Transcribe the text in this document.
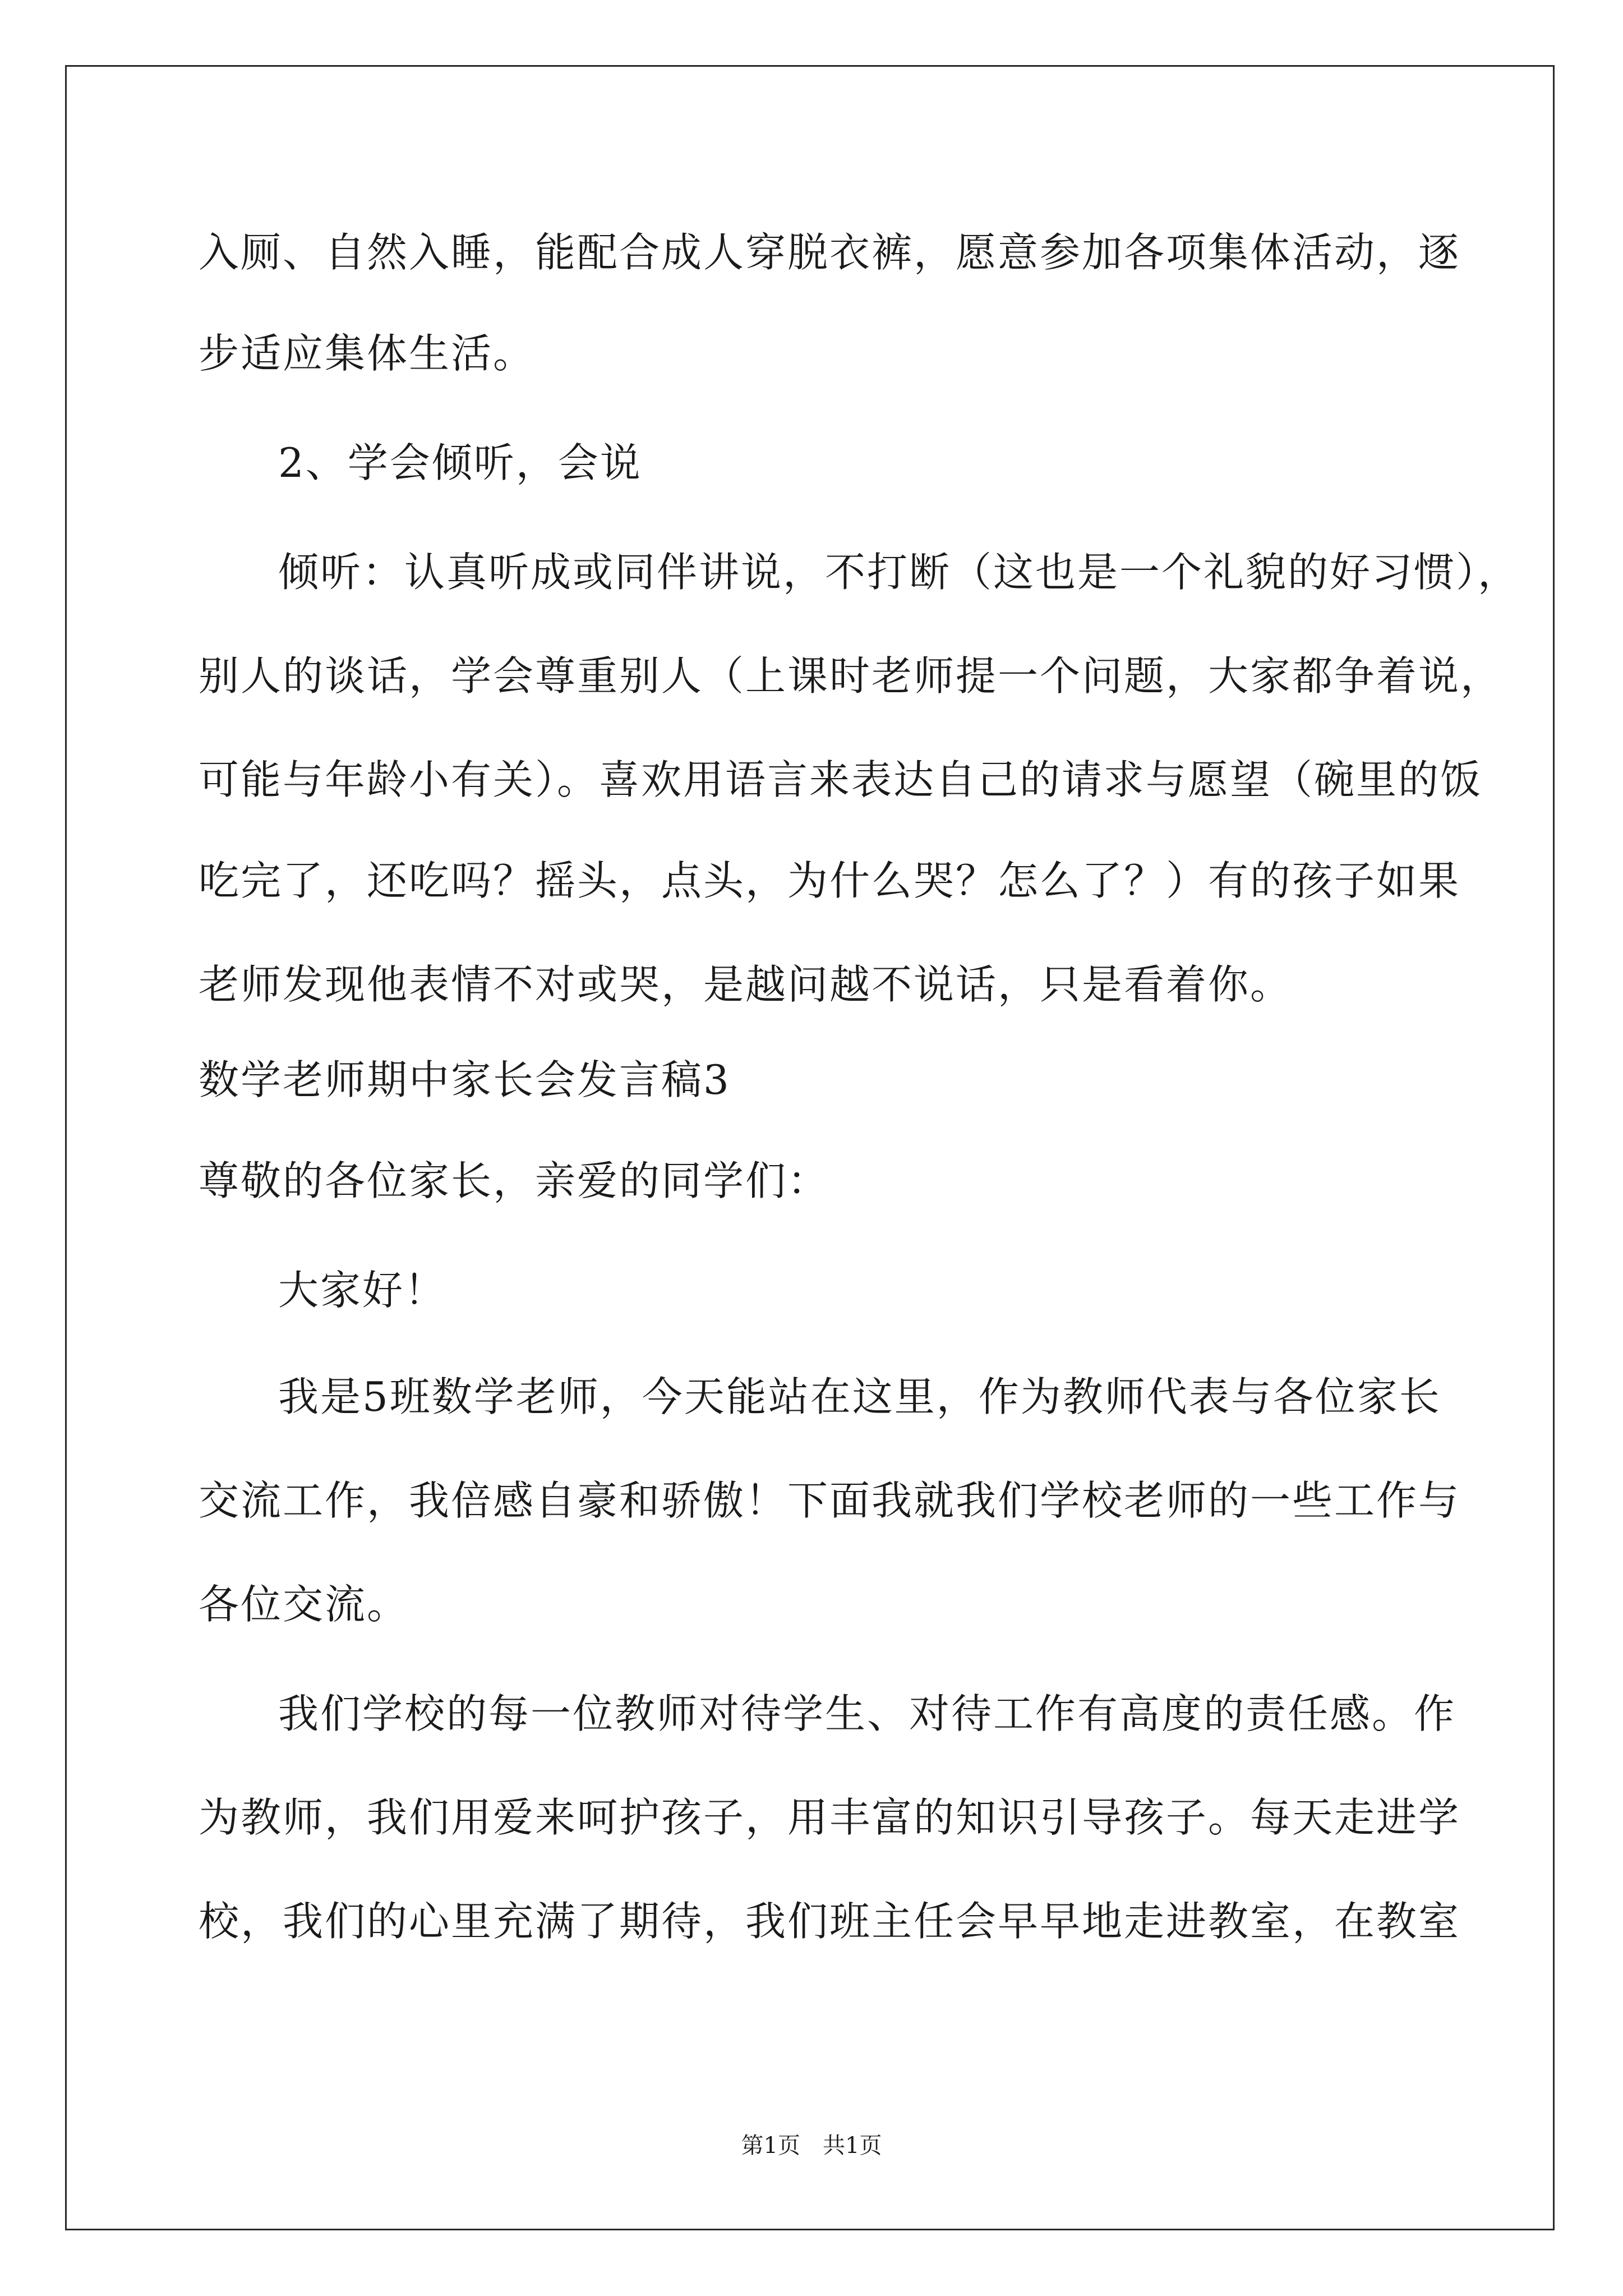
入厕、自然入睡，能配合成人穿脱衣裤，愿意参加各项集体活动，逐
步适应集体生活。
2、学会倾听，会说
倾听：认真听成或同伴讲说，不打断（这也是一个礼貌的好习惯），
别人的谈话，学会尊重别人（上课时老师提一个问题，大家都争着说，
可能与年龄小有关）。喜欢用语言来表达自己的请求与愿望（碗里的饭
吃完了，还吃吗？摇头，点头，为什么哭？怎么了？）有的孩子如果
老师发现他表情不对或哭，是越问越不说话，只是看着你。
数学老师期中家长会发言稿3
尊敬的各位家长，亲爱的同学们：
大家好！
我是5班数学老师，今天能站在这里，作为教师代表与各位家长
交流工作，我倍感自豪和骄傲！下面我就我们学校老师的一些工作与
各位交流。
我们学校的每一位教师对待学生、对待工作有高度的责任感。作
为教师，我们用爱来呵护孩子，用丰富的知识引导孩子。每天走进学
校，我们的心里充满了期待，我们班主任会早早地走进教室，在教室
第1页　共1页
